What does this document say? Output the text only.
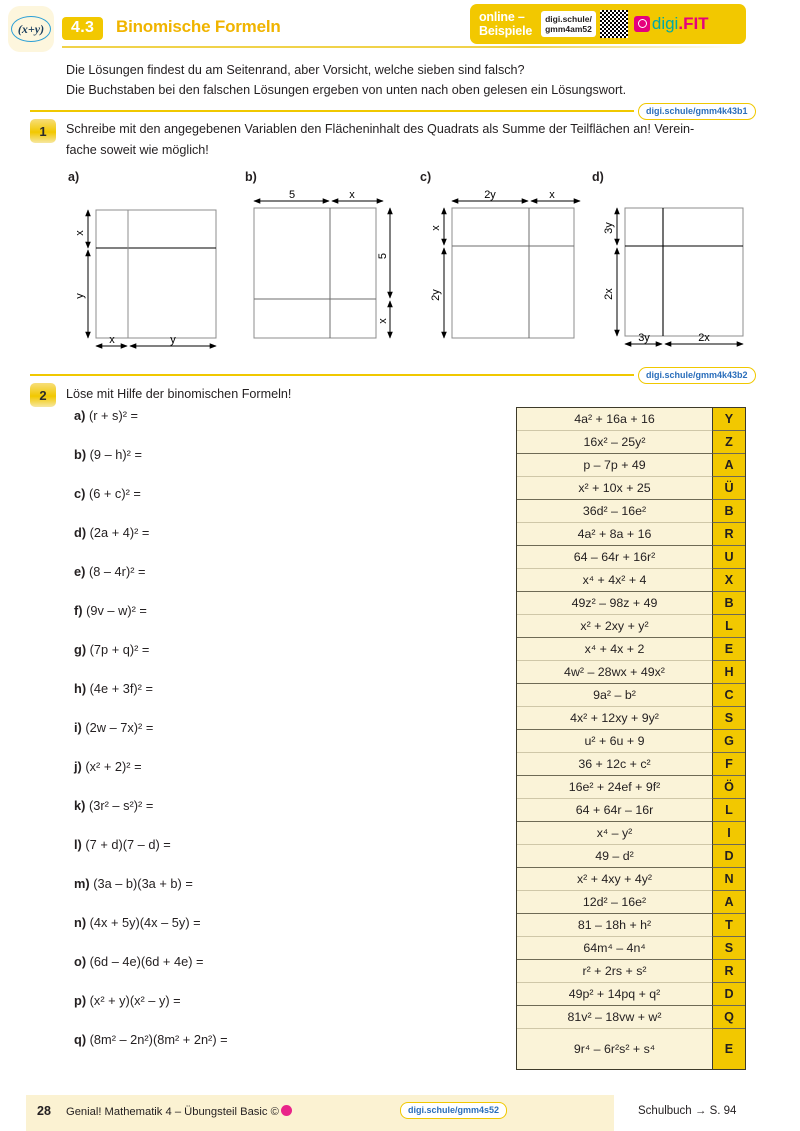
(x+y)	4.3	Binomische Formeln	online –
Beispiele
digi.schule/
gmm4am52	digi .FIT
Die Lösungen findest du am Seitenrand, aber Vorsicht, welche sieben sind falsch?
Die Buchstaben bei den falschen Lösungen ergeben von unten nach oben gelesen ein Lösungswort.
digi.schule/gmm4k43b1
1	Schreibe mit den angegebenen Variablen den Flächeninhalt des Quadrats als Summe der Teilflächen an! Verein-
fache soweit wie möglich!
a)	b)	c)	d)
x
y
x	y
5	x
5
x
2y	x
x
2y
3y
2x
3y	2x
digi.schule/gmm4k43b2
2	Löse mit Hilfe der binomischen Formeln!
a) (r + s)² =
b) (9 – h)² =
c) (6 + c)² =
d) (2a + 4)² =
e) (8 – 4r)² =
f) (9v – w)² =
g) (7p + q)² =
h) (4e + 3f)² =
i) (2w – 7x)² =
j) (x² + 2)² =
k) (3r² – s²)² =
l) (7 + d)(7 – d) =
m) (3a – b)(3a + b) =
n) (4x + 5y)(4x – 5y) =
o) (6d – 4e)(6d + 4e) =
p) (x² + y)(x² – y) =
q) (8m² – 2n²)(8m² + 2n²) =
4a² + 16a + 16	Y
16x² – 25y²	Z
p – 7p + 49	A
x² + 10x + 25	Ü
36d² – 16e²	B
4a² + 8a + 16	R
64 – 64r + 16r²	U
x⁴ + 4x² + 4	X
49z² – 98z + 49	B
x² + 2xy + y²	L
x⁴ + 4x + 2	E
4w² – 28wx + 49x²	H
9a² – b²	C
4x² + 12xy + 9y²	S
u² + 6u + 9	G
36 + 12c + c²	F
16e² + 24ef + 9f²	Ö
64 + 64r – 16r	L
x⁴ – y²	I
49 – d²	D
x² + 4xy + 4y²	N
12d² – 16e²	A
81 – 18h + h²	T
64m⁴ – 4n⁴	S
r² + 2rs + s²	R
49p² + 14pq + q²	D
81v² – 18vw + w²	Q
9r⁴ – 6r²s² + s⁴	E
28	Genial! Mathematik 4 – Übungsteil Basic ©	digi.schule/gmm4s52	Schulbuch → S. 94
